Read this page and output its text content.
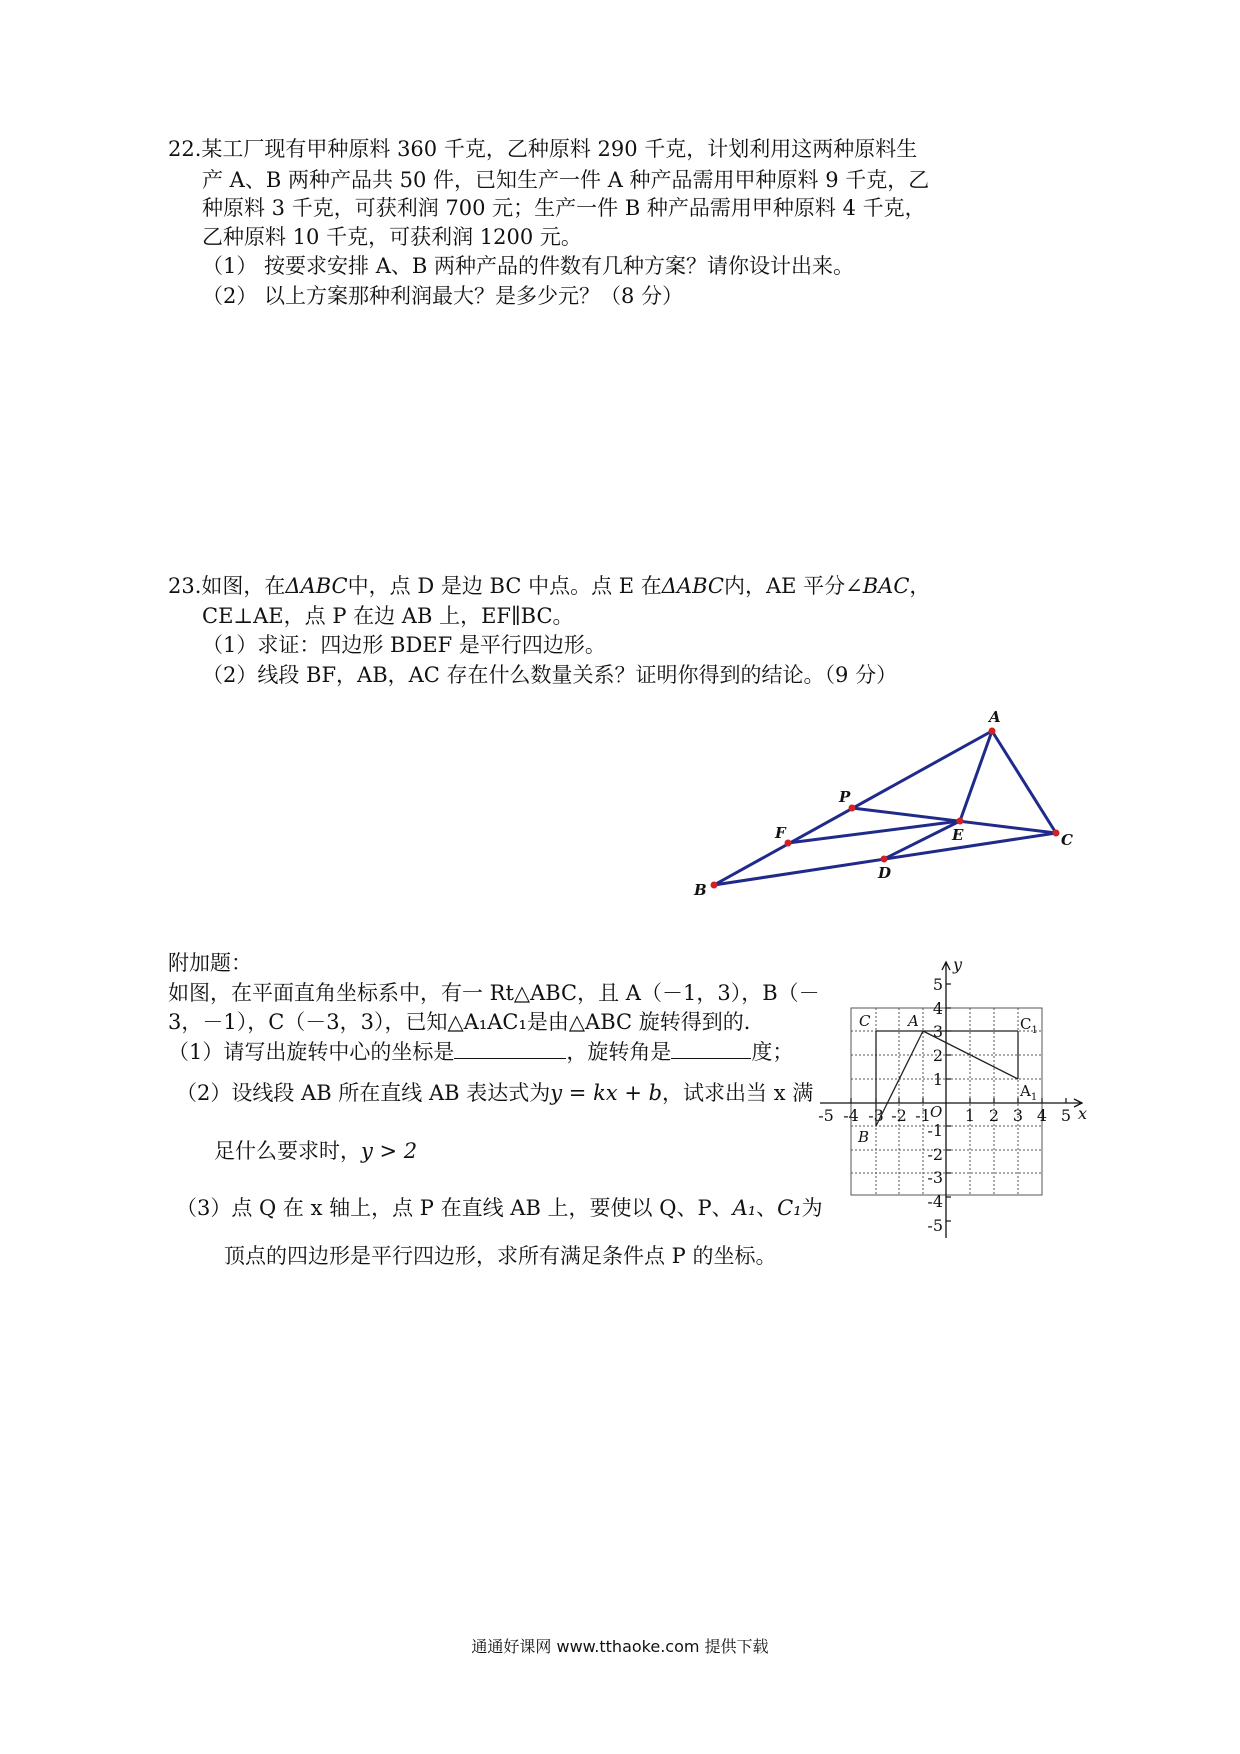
22.某工厂现有甲种原料 360 千克，乙种原料 290 千克，计划利用这两种原料生
产 A、B 两种产品共 50 件，已知生产一件 A 种产品需用甲种原料 9 千克，乙
种原料 3 千克，可获利润 700 元；生产一件 B 种产品需用甲种原料 4 千克，
乙种原料 10 千克，可获利润 1200 元。
（1） 按要求安排 A、B 两种产品的件数有几种方案？请你设计出来。
（2） 以上方案那种利润最大？是多少元？（8 分）
23.如图，在ΔABC中，点 D 是边 BC 中点。点 E 在ΔABC内，AE 平分∠BAC，
CE⊥AE，点 P 在边 AB 上，EF∥BC。
（1）求证：四边形 BDEF 是平行四边形。
（2）线段 BF，AB，AC 存在什么数量关系？证明你得到的结论。（9 分）
A
B
C
D
E
F
P
附加题：
如图，在平面直角坐标系中，有一 Rt△ABC，且 A（－1，3），B（－
3，－1），C（－3，3），已知△A₁AC₁是由△ABC 旋转得到的．
（1）请写出旋转中心的坐标是	，旋转角是	度；
（2）设线段 AB 所在直线 AB 表达式为y = kx + b，试求出当 x 满
足什么要求时，y > 2
（3）点 Q 在 x 轴上，点 P 在直线 AB 上，要使以 Q、P、A₁、C₁为
顶点的四边形是平行四边形，求所有满足条件点 P 的坐标。
-5 -4 -3 -2 -1 1 2 3 4 5
5
4
3
2
1
-1
-2
-3
-4
-5
x
y
O
C	A
B
$C_1$
$A_1$
通通好课网 www.tthaoke.com 提供下载
